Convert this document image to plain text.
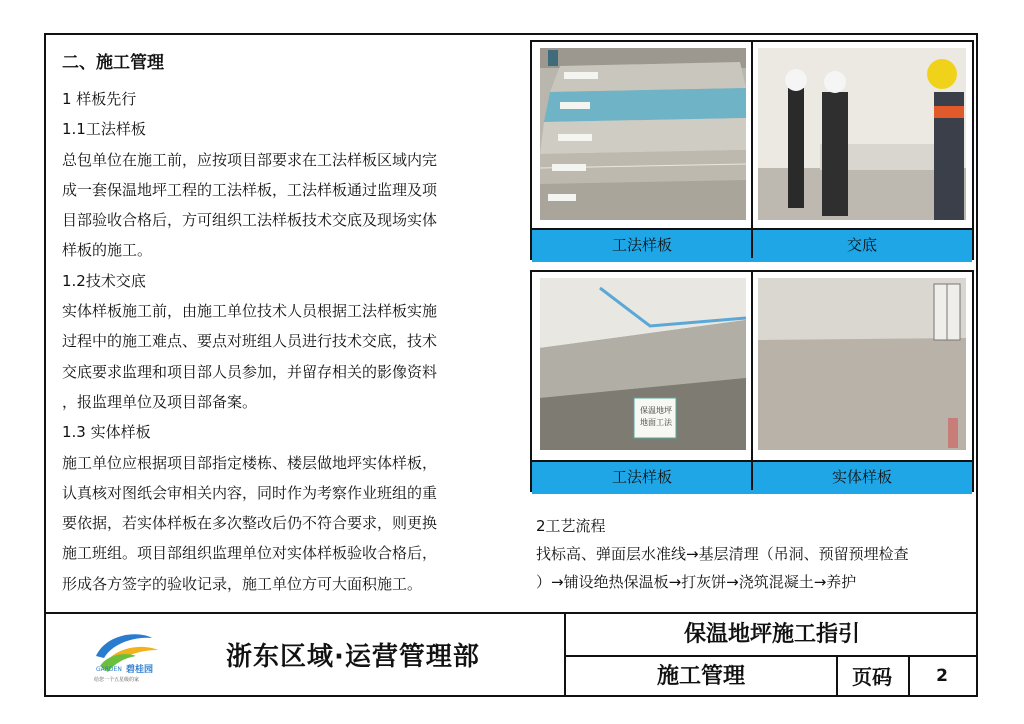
二、施工管理

1 样板先行

1.1工法样板

总包单位在施工前，应按项目部要求在工法样板区域内完

成一套保温地坪工程的工法样板，工法样板通过监理及项

目部验收合格后，方可组织工法样板技术交底及现场实体

样板的施工。

1.2技术交底

实体样板施工前，由施工单位技术人员根据工法样板实施

过程中的施工难点、要点对班组人员进行技术交底，技术

交底要求监理和项目部人员参加，并留存相关的影像资料

，报监理单位及项目部备案。

1.3 实体样板

施工单位应根据项目部指定楼栋、楼层做地坪实体样板，

认真核对图纸会审相关内容，同时作为考察作业班组的重

要依据，若实体样板在多次整改后仍不符合要求，则更换

施工班组。项目部组织监理单位对实体样板验收合格后，

形成各方签字的验收记录，施工单位方可大面积施工。

工法样板	交底
保温地坪
地面工法
工法样板	实体样板

2工艺流程

找标高、弹面层水准线→基层清理（吊洞、预留预埋检查

）→铺设绝热保温板→打灰饼→浇筑混凝土→养护

碧桂园
GARDEN
给您一个五星级的家
浙东区域·运营管理部
保温地坪施工指引
施工管理	页码	2
